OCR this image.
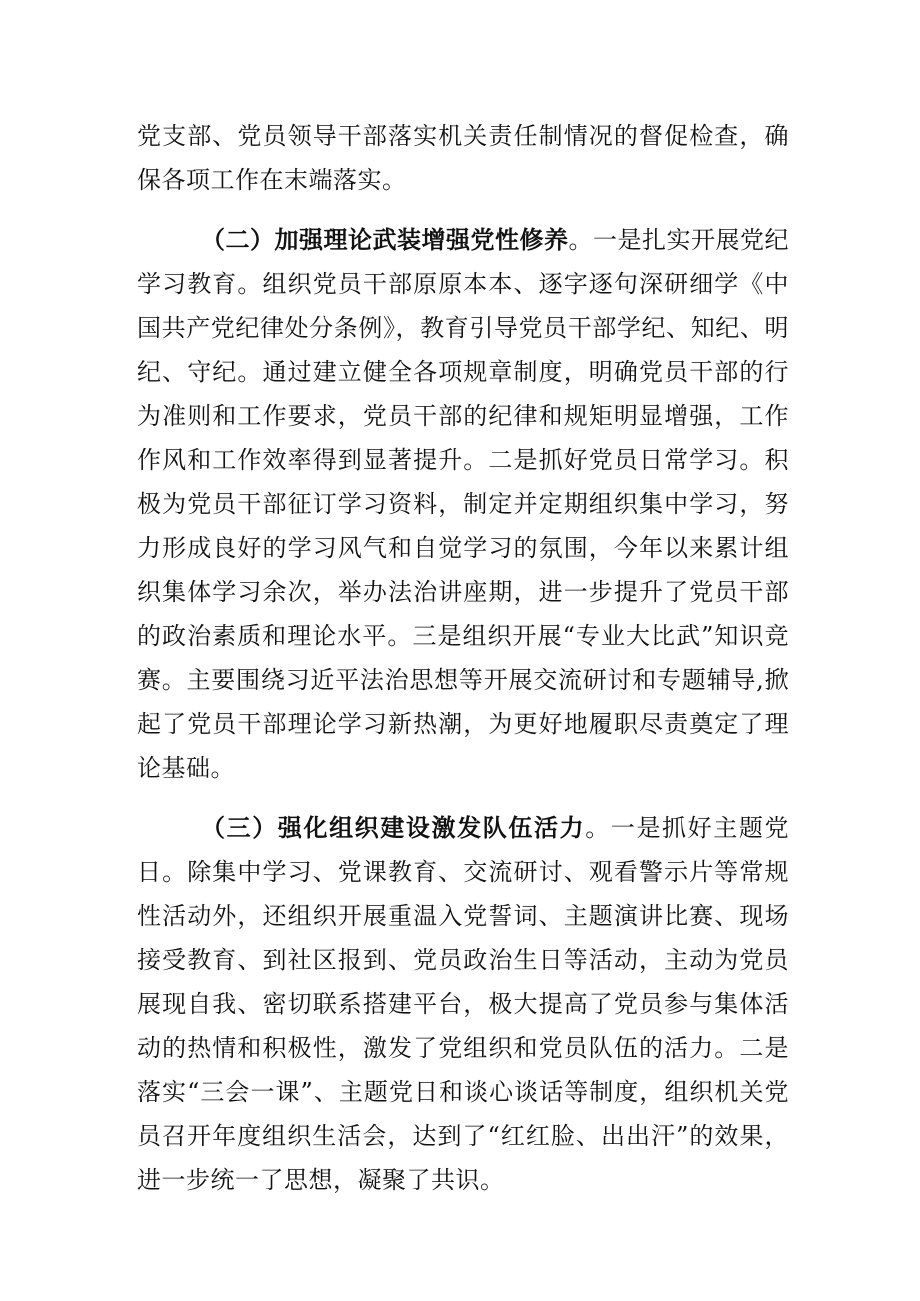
党支部、党员领导干部落实机关责任制情况的督促检查，确保各项工作在末端落实。

（二）加强理论武装增强党性修养。一是扎实开展党纪学习教育。组织党员干部原原本本、逐字逐句深研细学《中国共产党纪律处分条例》，教育引导党员干部学纪、知纪、明纪、守纪。通过建立健全各项规章制度，明确党员干部的行为准则和工作要求，党员干部的纪律和规矩明显增强，工作作风和工作效率得到显著提升。二是抓好党员日常学习。积极为党员干部征订学习资料，制定并定期组织集中学习，努力形成良好的学习风气和自觉学习的氛围，今年以来累计组织集体学习余次，举办法治讲座期，进一步提升了党员干部的政治素质和理论水平。三是组织开展“专业大比武”知识竞赛。主要围绕习近平法治思想等开展交流研讨和专题辅导,掀起了党员干部理论学习新热潮，为更好地履职尽责奠定了理论基础。

（三）强化组织建设激发队伍活力。一是抓好主题党日。除集中学习、党课教育、交流研讨、观看警示片等常规性活动外，还组织开展重温入党誓词、主题演讲比赛、现场接受教育、到社区报到、党员政治生日等活动，主动为党员展现自我、密切联系搭建平台，极大提高了党员参与集体活动的热情和积极性，激发了党组织和党员队伍的活力。二是落实“三会一课”、主题党日和谈心谈话等制度，组织机关党员召开年度组织生活会，达到了“红红脸、出出汗”的效果，进一步统一了思想，凝聚了共识。
